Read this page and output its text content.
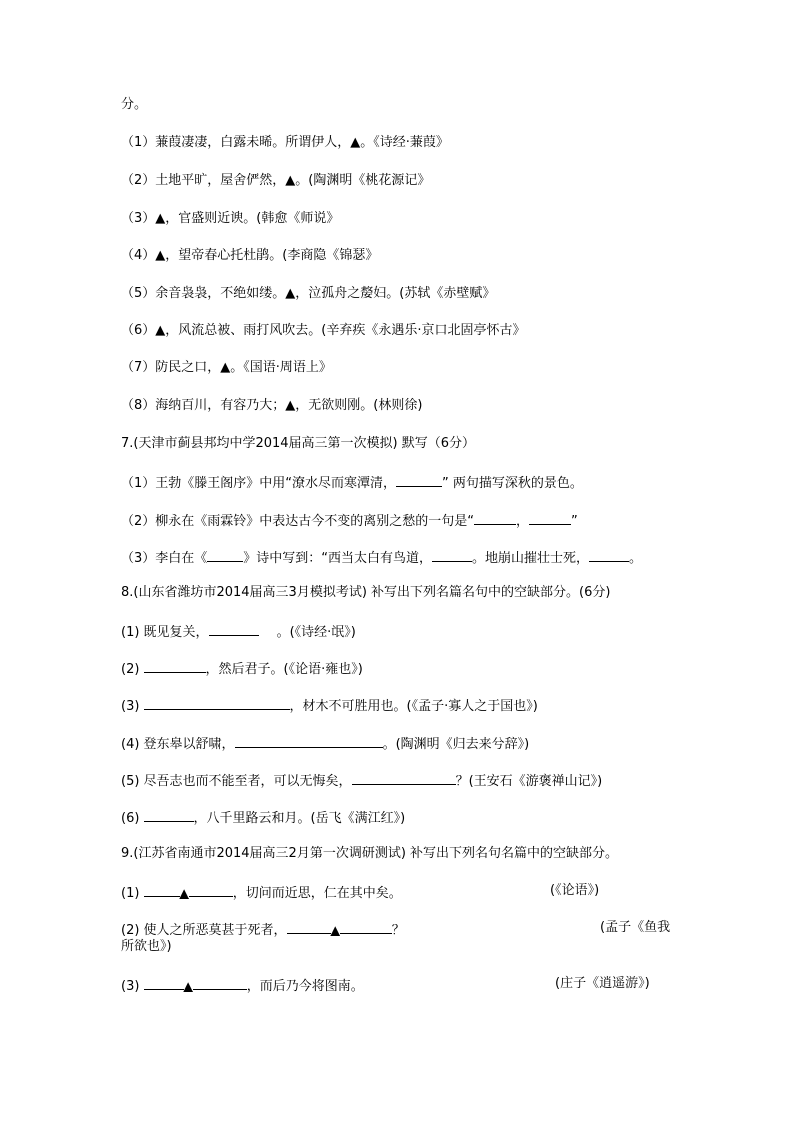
分。
（1）蒹葭凄凄，白露未晞。所谓伊人，▲。《诗经·蒹葭》
（2）土地平旷，屋舍俨然，▲。(陶渊明《桃花源记》
（3）▲，官盛则近谀。(韩愈《师说》
（4）▲，望帝春心托杜鹃。(李商隐《锦瑟》
（5）余音袅袅，不绝如缕。▲，泣孤舟之嫠妇。(苏轼《赤壁赋》
（6）▲，风流总被、雨打风吹去。(辛弃疾《永遇乐·京口北固亭怀古》
（7）防民之口，▲。《国语·周语上》
（8）海纳百川，有容乃大；▲，无欲则刚。(林则徐)
7.(天津市蓟县邦均中学2014届高三第一次模拟) 默写（6分）
（1）王勃《滕王阁序》中用“潦水尽而寒潭清，	” 两句描写深秋的景色。
（2）柳永在《雨霖铃》中表达古今不变的离别之愁的一句是“	，	”
（3）李白在《	》诗中写到：“西当太白有鸟道，	。地崩山摧壮士死，	。
8.(山东省潍坊市2014届高三3月模拟考试) 补写出下列名篇名句中的空缺部分。(6分)
(1) 既见复关，	。(《诗经·氓》)
(2)	，然后君子。(《论语·雍也》)
(3)	，材木不可胜用也。(《孟子·寡人之于国也》)
(4) 登东皋以舒啸，	。(陶渊明《归去来兮辞》)
(5) 尽吾志也而不能至者，可以无悔矣，	？(王安石《游褒禅山记》)
(6)	，八千里路云和月。(岳飞《满江红》)
9.(江苏省南通市2014届高三2月第一次调研测试) 补写出下列名句名篇中的空缺部分。
(1)	▲	，切问而近思，仁在其中矣。	(《论语》)
(2) 使人之所恶莫甚于死者，	▲	？	(孟子《鱼我
所欲也》)
(3)	▲	，而后乃今将图南。	(庄子《逍遥游》)
